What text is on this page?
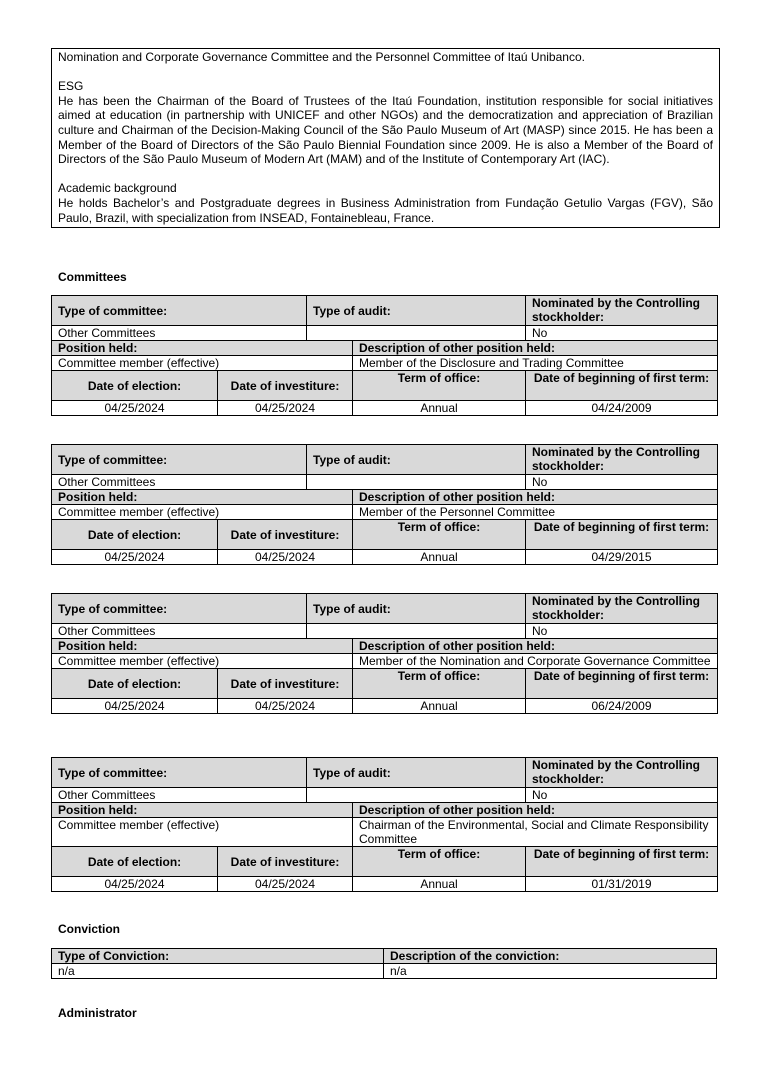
Nomination and Corporate Governance Committee and the Personnel Committee of Itaú Unibanco.

ESG

He has been the Chairman of the Board of Trustees of the Itaú Foundation, institution responsible for social initiatives aimed at education (in partnership with UNICEF and other NGOs) and the democratization and appreciation of Brazilian culture and Chairman of the Decision-Making Council of the São Paulo Museum of Art (MASP) since 2015. He has been a Member of the Board of Directors of the São Paulo Biennial Foundation since 2009. He is also a Member of the Board of Directors of the São Paulo Museum of Modern Art (MAM) and of the Institute of Contemporary Art (IAC).

Academic background

He holds Bachelor’s and Postgraduate degrees in Business Administration from Fundação Getulio Vargas (FGV), São Paulo, Brazil, with specialization from INSEAD, Fontainebleau, France.

Committees
Type of committee:		Type of audit:		Nominated by the Controlling stockholder:
Other Committees				No
Position held:			Description of other position held:	
Committee member (effective)			Member of the Disclosure and Trading Committee	
Date of election:	Date of investiture:		Term of office:	Date of beginning of first term:
04/25/2024	04/25/2024		Annual	04/24/2009
Type of committee:		Type of audit:		Nominated by the Controlling stockholder:
Other Committees				No
Position held:			Description of other position held:	
Committee member (effective)			Member of the Personnel Committee	
Date of election:	Date of investiture:		Term of office:	Date of beginning of first term:
04/25/2024	04/25/2024		Annual	04/29/2015
Type of committee:		Type of audit:		Nominated by the Controlling stockholder:
Other Committees				No
Position held:			Description of other position held:	
Committee member (effective)			Member of the Nomination and Corporate Governance Committee	
Date of election:	Date of investiture:		Term of office:	Date of beginning of first term:
04/25/2024	04/25/2024		Annual	06/24/2009
Type of committee:		Type of audit:		Nominated by the Controlling stockholder:
Other Committees				No
Position held:			Description of other position held:	
Committee member (effective)			Chairman of the Environmental, Social and Climate Responsibility Committee	
Date of election:	Date of investiture:		Term of office:	Date of beginning of first term:
04/25/2024	04/25/2024		Annual	01/31/2019
Conviction
Type of Conviction:	Description of the conviction:
n/a	n/a
Administrator
